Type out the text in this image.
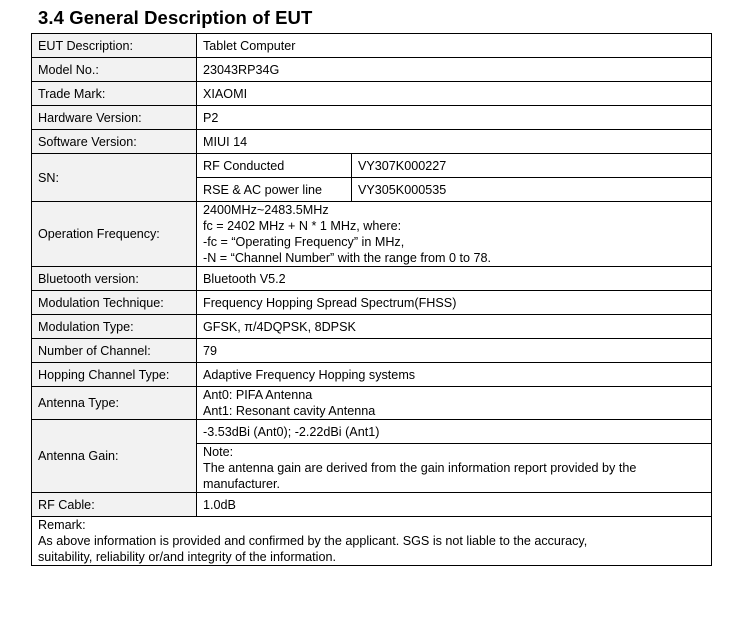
3.4 General Description of EUT
EUT Description:	Tablet Computer	
Model No.:	23043RP34G	
Trade Mark:	XIAOMI	
Hardware Version:	P2	
Software Version:	MIUI 14	
SN:	RF Conducted	VY307K000227
	RSE & AC power line	VY305K000535
Operation Frequency:	2400MHz~2483.5MHz
fc = 2402 MHz + N * 1 MHz, where:
-fc = “Operating Frequency” in MHz,
-N = “Channel Number” with the range from 0 to 78.	

Bluetooth version:	Bluetooth V5.2	
Modulation Technique:	Frequency Hopping Spread Spectrum(FHSS)	
Modulation Type:	GFSK, π/4DQPSK, 8DPSK	
Number of Channel:	79	
Hopping Channel Type:	Adaptive Frequency Hopping systems	
Antenna Type:	Ant0: PIFA Antenna
Ant1: Resonant cavity Antenna	

Antenna Gain:	-3.53dBi (Ant0); -2.22dBi (Ant1)	

	Note:
The antenna gain are derived from the gain information report provided by the
manufacturer.	

RF Cable:	1.0dB	

Remark:
As above information is provided and confirmed by the applicant. SGS is not liable to the accuracy,
suitability, reliability or/and integrity of the information.		
